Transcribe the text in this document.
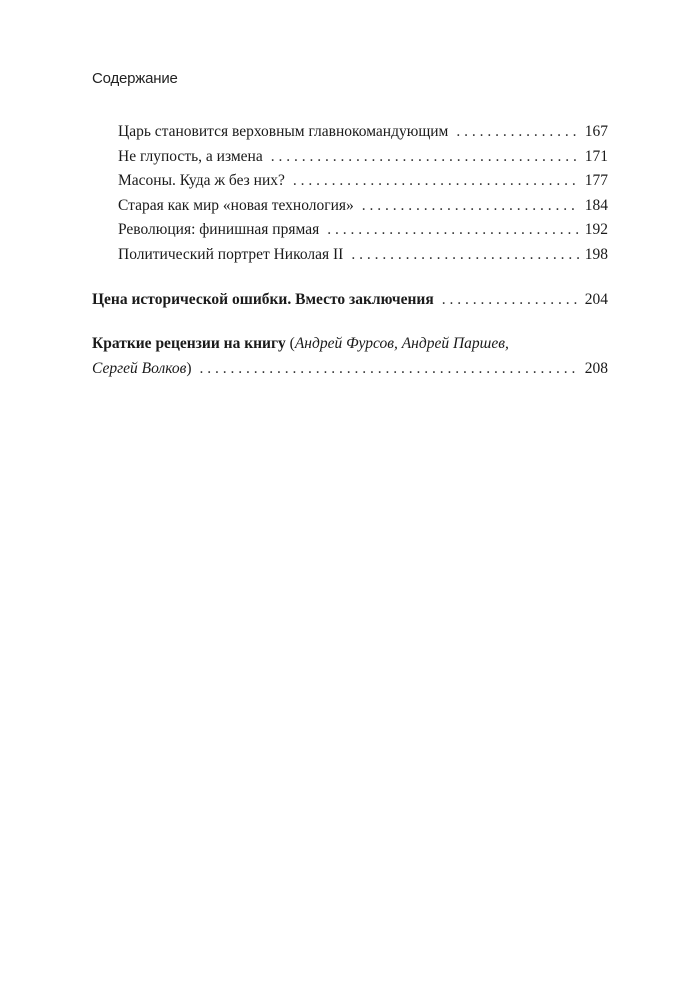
Содержание
Царь становится верховным главнокомандующим . . .	167
Не глупость, а измена . . .	171
Масоны. Куда ж без них? . . .	177
Старая как мир «новая технология» . . .	184
Революция: финишная прямая . . .	192
Политический портрет Николая II . . .	198
Цена исторической ошибки. Вместо заключения . . .	204
Краткие рецензии на книгу (Андрей Фурсов, Андрей Паршев,
Сергей Волков) . . .	208
